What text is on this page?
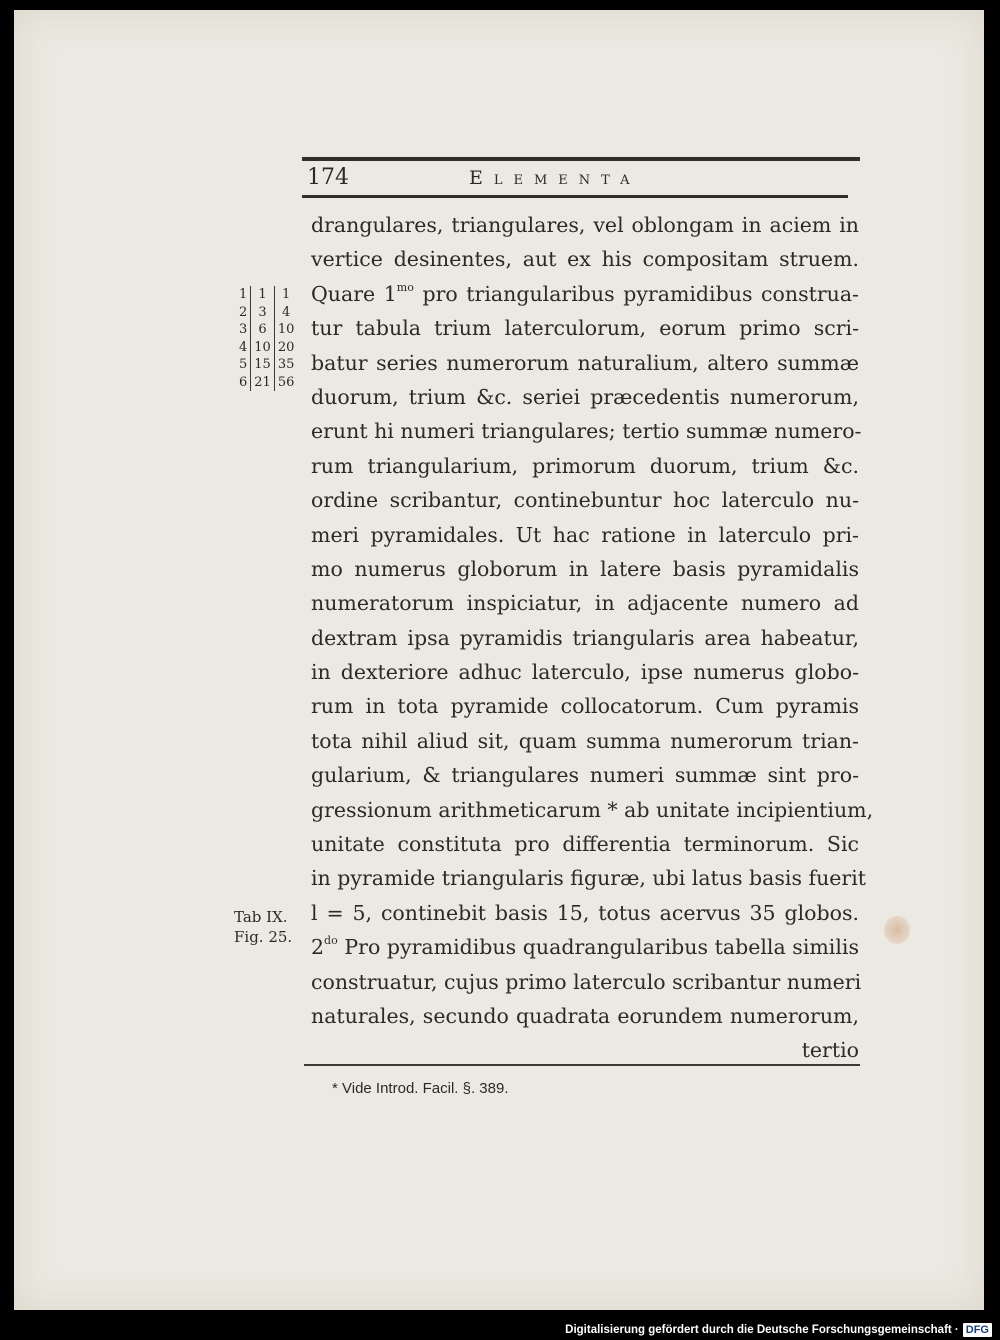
174	Elementa
1	1	1
2	3	4
3	6	10
4	10	20
5	15	35
6	21	56
drangulares, triangulares, vel oblongam in aciem in
vertice desinentes, aut ex his compositam struem.
Quare $1^{mo}$ pro triangularibus pyramidibus construa-
tur tabula trium laterculorum, eorum primo scri-
batur series numerorum naturalium, altero summæ
duorum, trium &c. seriei præcedentis numerorum,
erunt hi numeri triangulares; tertio summæ numero-
rum triangularium, primorum duorum, trium &c.
ordine scribantur, continebuntur hoc laterculo nu-
meri pyramidales. Ut hac ratione in laterculo pri-
mo numerus globorum in latere basis pyramidalis
numeratorum inspiciatur, in adjacente numero ad
dextram ipsa pyramidis triangularis area habeatur,
in dexteriore adhuc laterculo, ipse numerus globo-
rum in tota pyramide collocatorum. Cum pyramis
tota nihil aliud sit, quam summa numerorum trian-
gularium, & triangulares numeri summæ sint pro-
gressionum arithmeticarum * ab unitate incipientium,
unitate constituta pro differentia terminorum. Sic
in pyramide triangularis figuræ, ubi latus basis fuerit
l = 5, continebit basis 15, totus acervus 35 globos.
$2^{do}$ Pro pyramidibus quadrangularibus tabella similis
construatur, cujus primo laterculo scribantur numeri
naturales, secundo quadrata eorundem numerorum,
tertio
Tab IX.
Fig. 25.
* Vide Introd. Facil. §. 389.
Digitalisierung gefördert durch die Deutsche Forschungsgemeinschaft · DFG
